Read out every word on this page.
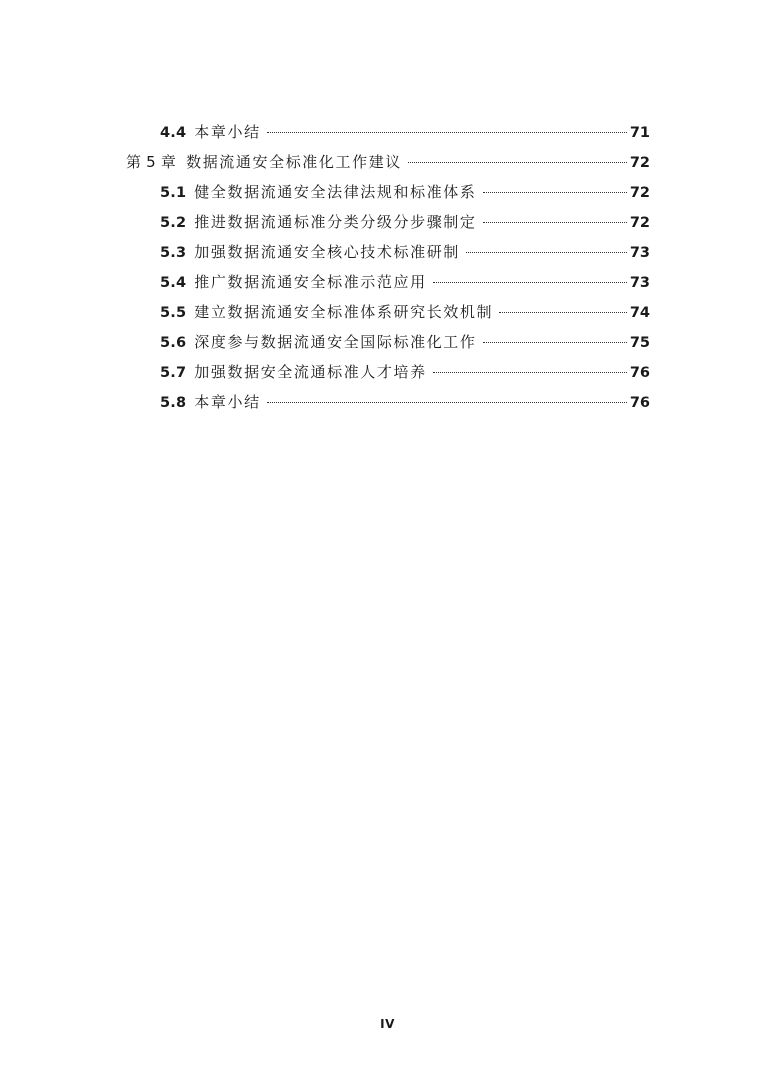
4.4 本章小结	71
第 5 章 数据流通安全标准化工作建议	72
5.1 健全数据流通安全法律法规和标准体系	72
5.2 推进数据流通标准分类分级分步骤制定	72
5.3 加强数据流通安全核心技术标准研制	73
5.4 推广数据流通安全标准示范应用	73
5.5 建立数据流通安全标准体系研究长效机制	74
5.6 深度参与数据流通安全国际标准化工作	75
5.7 加强数据安全流通标准人才培养	76
5.8 本章小结	76
IV
